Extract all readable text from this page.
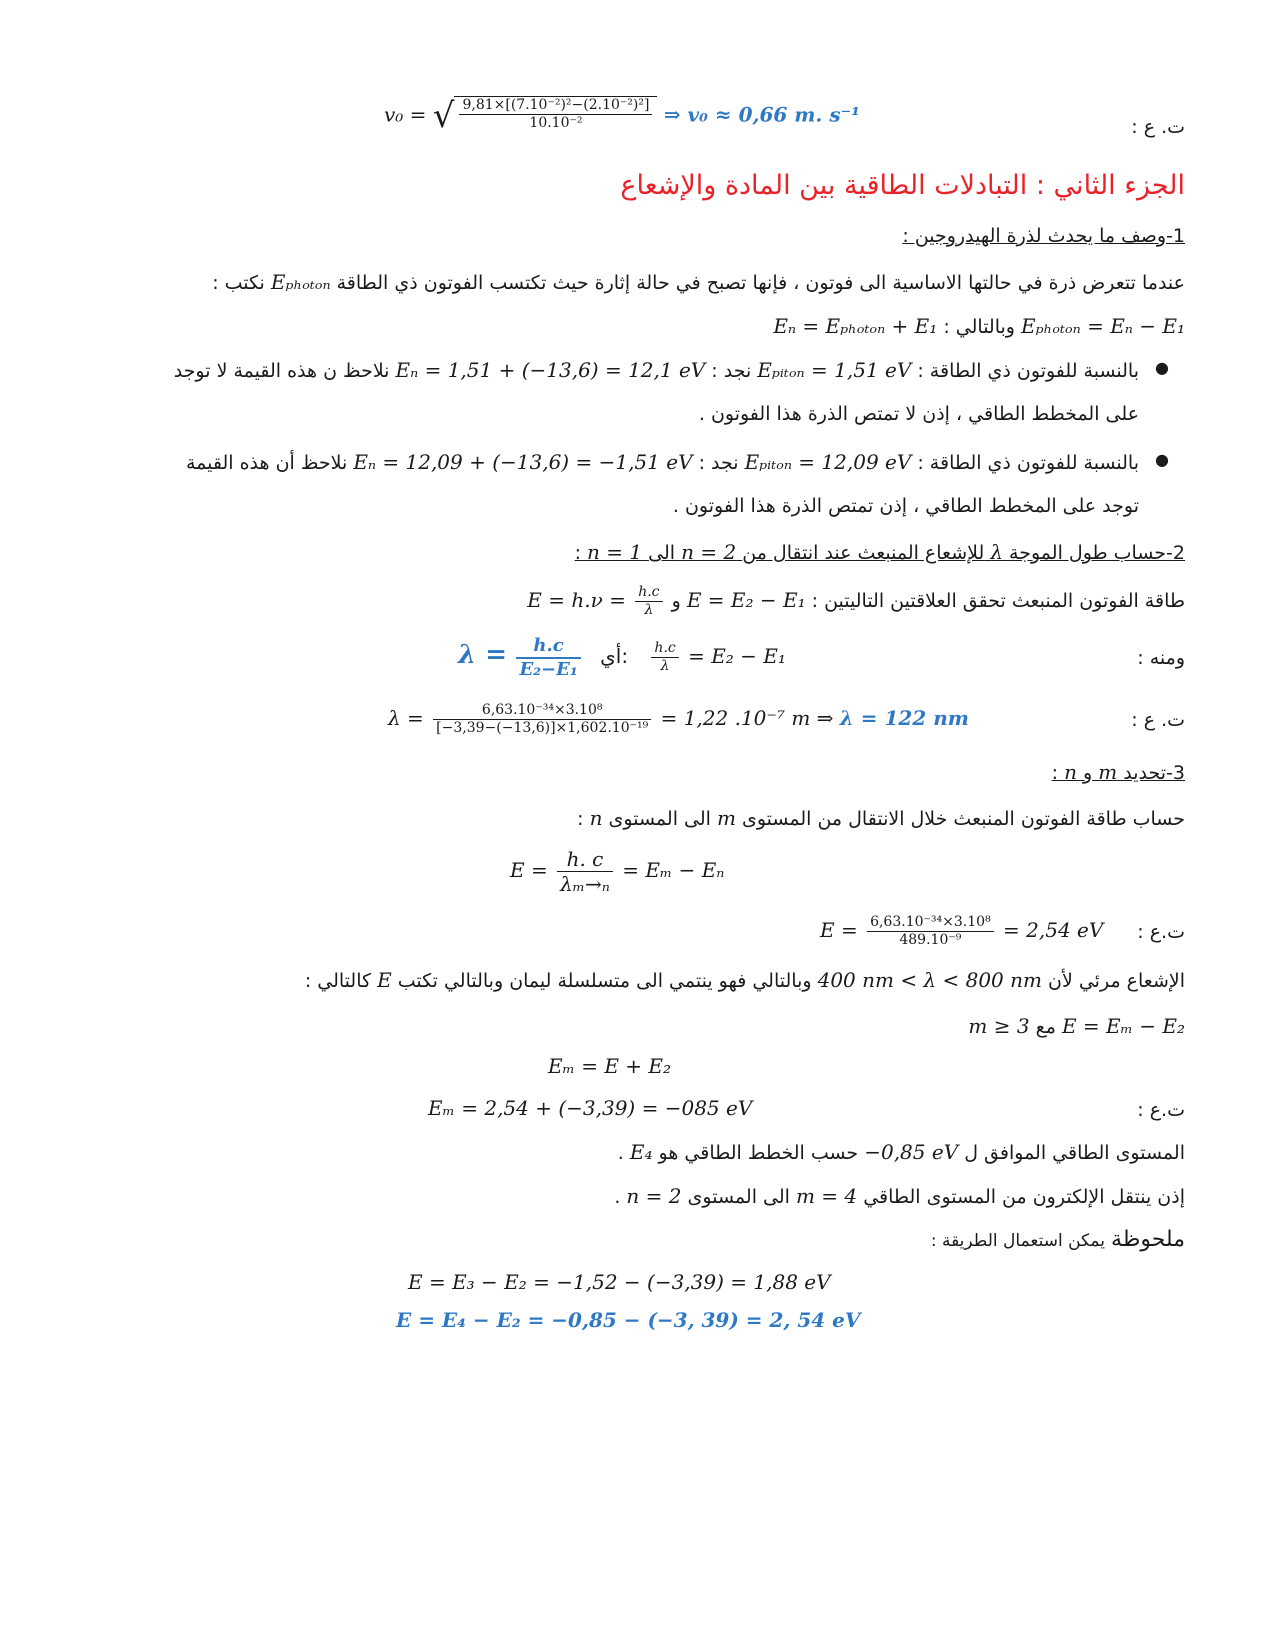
ت. ع :
v₀ = √ $\frac{\text{9,81×[(7.10⁻²)²−(2.10⁻²)²]}}{\text{10.10⁻²}}$ ⇒ v₀ ≈ 0,66 m. s⁻¹
الجزء الثاني : التبادلات الطاقية بين المادة والإشعاع
1-وصف ما يحدث لذرة الهيدروجين :
عندما تتعرض ذرة في حالتها الاساسية الى فوتون ، فإنها تصبح في حالة إثارة حيث تكتسب الفوتون ذي الطاقة Eₚₕₒₜₒₙ نكتب :
Eₚₕₒₜₒₙ = Eₙ − E₁ وبالتالي : Eₙ = Eₚₕₒₜₒₙ + E₁
●
بالنسبة للفوتون ذي الطاقة : Eₚᵢₜₒₙ = 1,51 eV نجد : Eₙ = 1,51 + (−13,6) = 12,1 eV نلاحظ ن هذه القيمة لا توجد
على المخطط الطاقي ، إذن لا تمتص الذرة هذا الفوتون .
●
بالنسبة للفوتون ذي الطاقة : Eₚᵢₜₒₙ = 12,09 eV نجد : Eₙ = 12,09 + (−13,6) = −1,51 eV نلاحظ أن هذه القيمة
توجد على المخطط الطاقي ، إذن تمتص الذرة هذا الفوتون .
2-حساب طول الموجة λ للإشعاع المنبعث عند انتقال من n = 2 الى n = 1 :
طاقة الفوتون المنبعث تحقق العلاقتين التاليتين : E = E₂ − E₁ و $E = h.\nu = \frac{h.c}{\lambda}$
ومنه :
$\lambda = \frac{h.c}{\text{E₂−E₁}}$ أي: $\frac{h.c}{\lambda} = E_2 - E_1$
ت. ع :
$\lambda = \frac{\text{6,63.10⁻³⁴×3.10⁸}}{\text{[−3,39−(−13,6)]×1,602.10⁻¹⁹}} = 1,22$ .10⁻⁷ m ⇒ λ = 122 nm
3-تحديد m و n :
حساب طاقة الفوتون المنبعث خلال الانتقال من المستوى m الى المستوى n :
$E = \frac{h. c}{\text{λₘ→ₙ}} = E_m - E_n$
ت.ع :
$E = \frac{\text{6,63.10⁻³⁴×3.10⁸}}{\text{489.10⁻⁹}} = 2,54$ eV
الإشعاع مرئي لأن 400 nm < λ < 800 nm وبالتالي فهو ينتمي الى متسلسلة ليمان وبالتالي تكتب E كالتالي :
E = Eₘ − E₂ مع m ≥ 3
Eₘ = E + E₂
ت.ع :
Eₘ = 2,54 + (−3,39) = −085 eV
المستوى الطاقي الموافق ل −0,85 eV حسب الخطط الطاقي هو E₄ .
إذن ينتقل الإلكترون من المستوى الطاقي m = 4 الى المستوى n = 2 .
ملحوظة يمكن استعمال الطريقة :
E = E₃ − E₂ = −1,52 − (−3,39) = 1,88 eV
E = E₄ − E₂ = −0,85 − (−3, 39) = 2, 54 eV
